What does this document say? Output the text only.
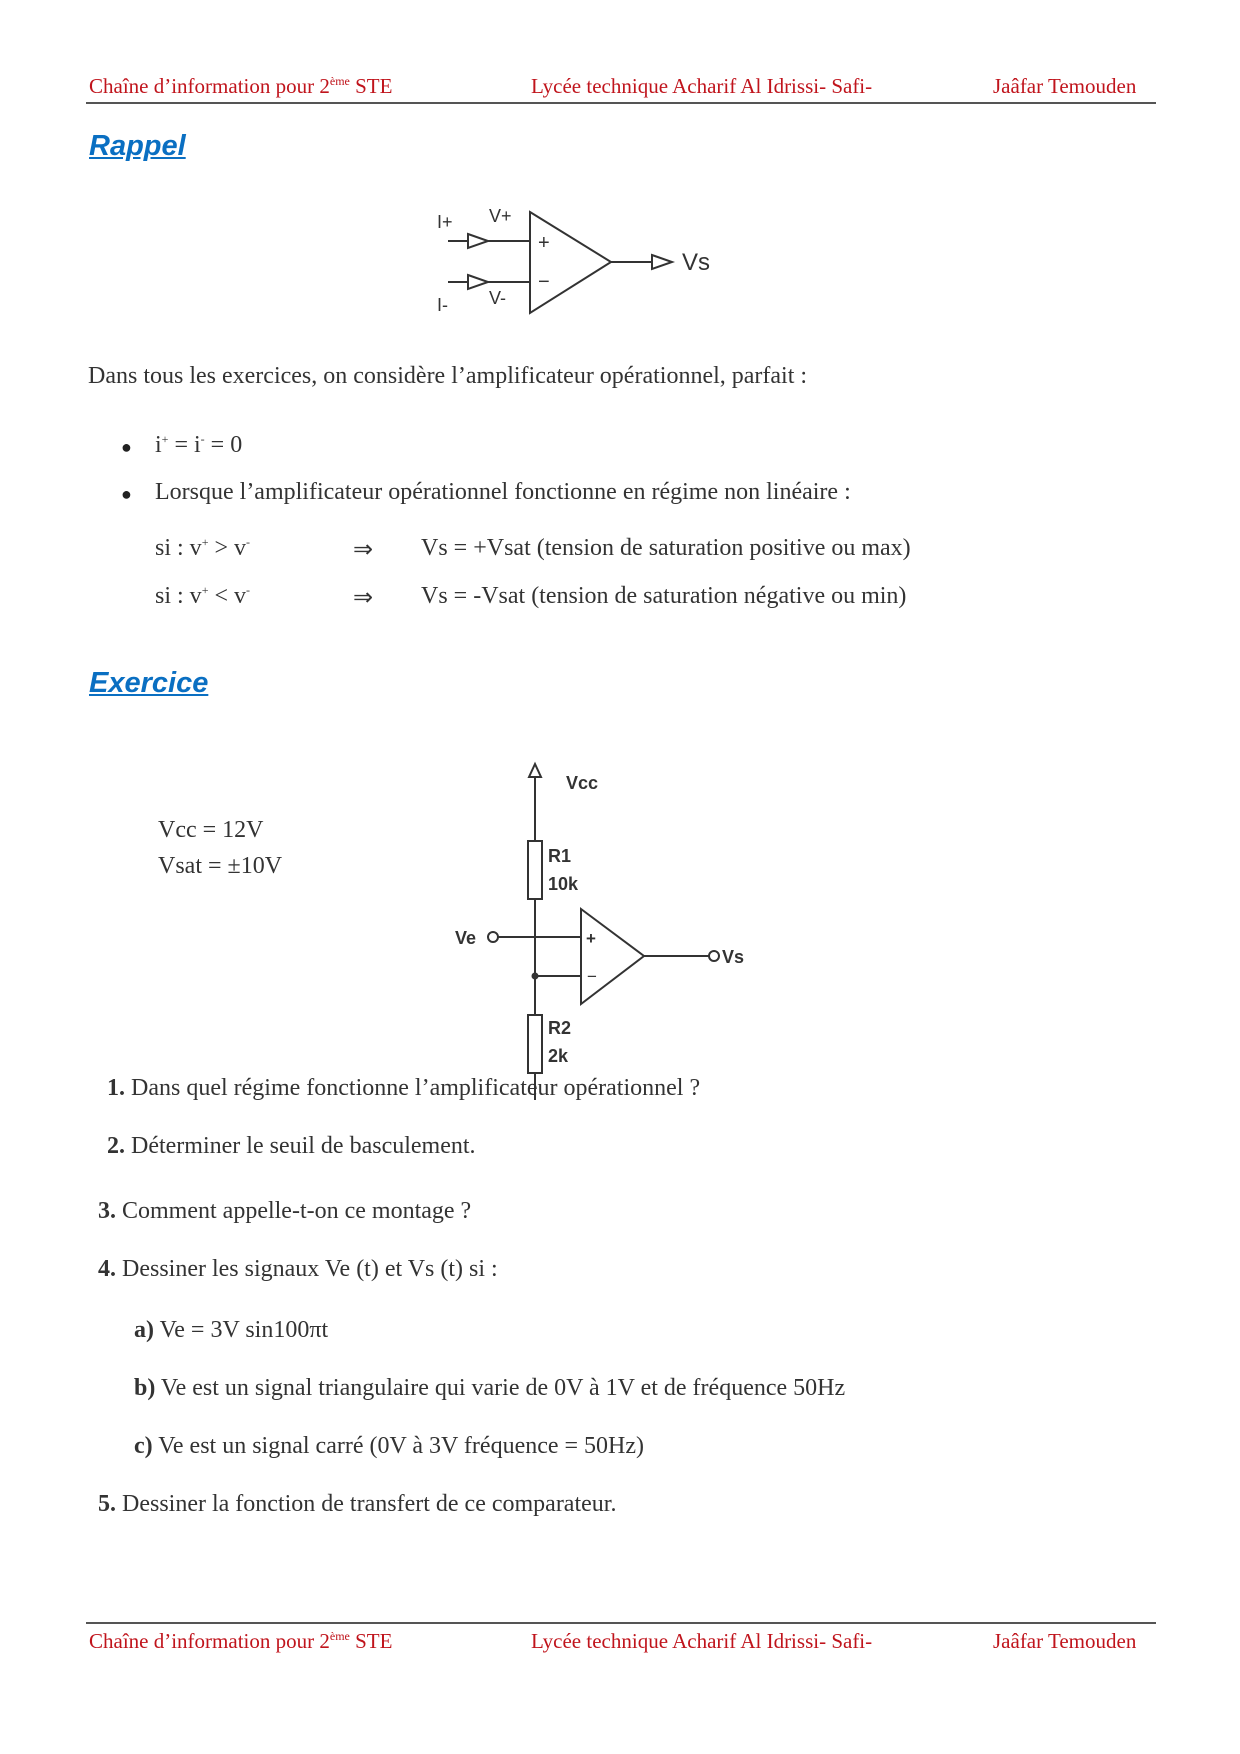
Chaîne d’information pour 2ème STE	Lycée technique Acharif Al Idrissi- Safi-	Jaâfar Temouden
Rappel
I+
I-
V+
V-
+
−
Vs
Dans tous les exercices, on considère l’amplificateur opérationnel, parfait :
● i+ = i- = 0
● Lorsque l’amplificateur opérationnel fonctionne en régime non linéaire :
si : v+ > v-	⇒ Vs = +Vsat (tension de saturation positive ou max)
si : v+ < v-	⇒ Vs = -Vsat (tension de saturation négative ou min)
Exercice
Vcc = 12V
Vsat = ±10V
Vcc
R1
10k
R2
2k
Ve
Vs
+
−
1. Dans quel régime fonctionne l’amplificateur opérationnel ?
2. Déterminer le seuil de basculement.
3. Comment appelle-t-on ce montage ?
4. Dessiner les signaux Ve (t) et Vs (t) si :
a) Ve = 3V sin100πt
b) Ve est un signal triangulaire qui varie de 0V à 1V et de fréquence 50Hz
c) Ve est un signal carré (0V à 3V fréquence = 50Hz)
5. Dessiner la fonction de transfert de ce comparateur.
Chaîne d’information pour 2ème STE	Lycée technique Acharif Al Idrissi- Safi-	Jaâfar Temouden
